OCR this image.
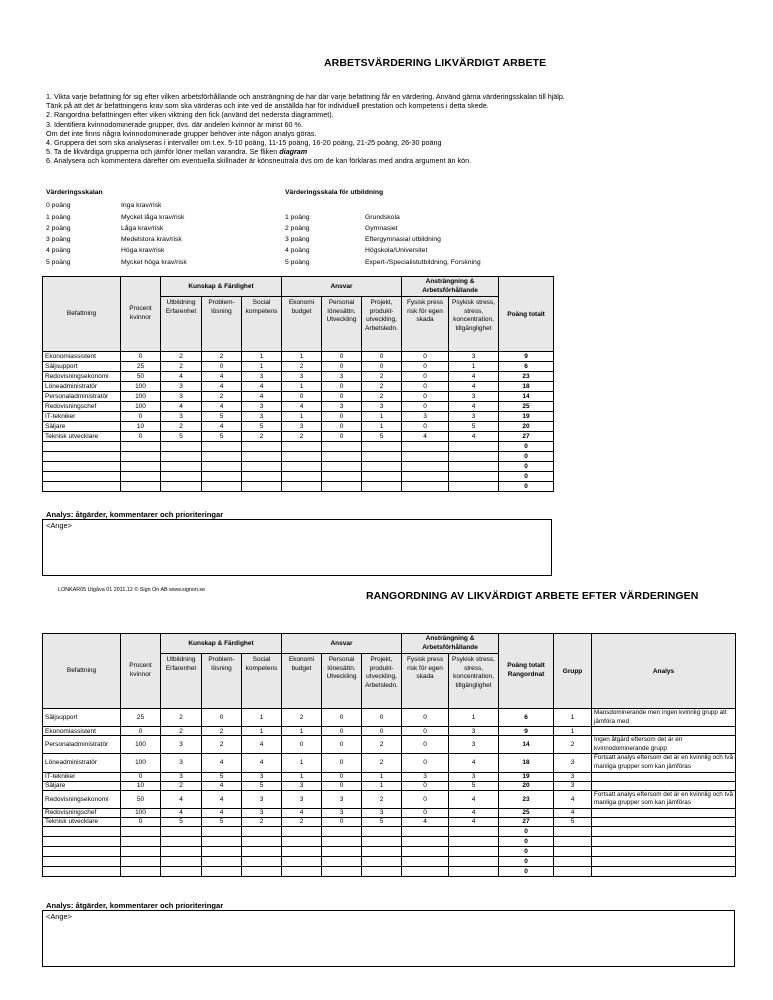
ARBETSVÄRDERING LIKVÄRDIGT ARBETE
1. Vikta varje befattning för sig efter vilken arbetsförhållande och ansträngning de har där varje befattning får en värdering. Använd gärna värderingsskalan till hjälp.
Tänk på att det är befattningens krav som ska värderas och inte ved de anställda har för individuell prestation och kompetens i detta skede.
2. Rangordna befattningen efter viken viktning den fick (använd det nedersta diagrammet).
3. Identifiera kvinnodominerade grupper, dvs. där andelen kvinnor är minst 60 %.
Om det inte finns några kvinnodominerade grupper behöver inte någon analys göras.
4. Gruppera det som ska analyseras i intervaller om t.ex. 5-10 poäng, 11-15 poäng, 16-20 poäng, 21-25 poäng, 26-30 poäng
5. Ta de likvärdiga grupperna och jämför löner mellan varandra. Se fliken diagram
6. Analysera och kommentera därefter om eventuella skillnader är könsneutrala dvs om de kan förklaras med andra argument än kön.
Värderingsskalan
0 poäng	Inga krav/risk
1 poäng	Mycket låga krav/risk
2 poäng	Låga krav/risk
3 poäng	Medelstora krav/risk
4 poäng	Höga krav/risk
5 poäng	Mycket höga krav/risk
Värderingsskala för utbildning
1 poäng	Grundskola
2 poäng	Gymnasiet
3 poäng	Eftergymnasial utbildning
4 poäng	Högskola/Universitet
5 poäng	Expert-/Specialistutbildning, Forskning
Befattning	Procent kvinnor	Kunskap & Färdighet			Ansvar			Ansträngning & Arbetsförhållande		Poäng totalt
		Utbildning Erfarenhet	Problem-lösning	Social kompetens	Ekonomi budget	Personal lönesättn. Utveckling	Projekt, produkt-utveckling, Arbetsledn.	Fysisk press risk för egen skada	Psykisk stress, stress, koncentration, tillgänglighet	

Ekonomiassistent	0	2	2	1	1	0	0	0	3	9
Säljsupport	25	2	0	1	2	0	0	0	1	6
Redovisningsekonomi	50	4	4	3	3	3	2	0	4	23
Löneadministratör	100	3	4	4	1	0	2	0	4	18
Personaladministratör	100	3	2	4	0	0	2	0	3	14
Redovisningschef	100	4	4	3	4	3	3	0	4	25
IT-tekniker	0	3	5	3	1	0	1	3	3	19
Säljare	10	2	4	5	3	0	1	0	5	20
Teknisk utvecklare	0	5	5	2	2	0	5	4	4	27
										0
										0
										0
										0
										0
Analys: åtgärder, kommentarer och prioriteringar
<Ange>
LONKAR05 Utgåva 01 2011.12 © Sign On AB www.signon.se	RANGORDNING AV LIKVÄRDIGT ARBETE EFTER VÄRDERINGEN
Befattning	Procent kvinnor	Kunskap & Färdighet			Ansvar			Ansträngning & Arbetsförhållande		Poäng totalt Rangordnat	Grupp	Analys
		Utbildning Erfarenhet	Problem-lösning	Social kompetens	Ekonomi budget	Personal lönesättn. Utveckling	Projekt, produkt-utveckling, Arbetsledn.	Fysisk press risk för egen skada	Psykisk stress, stress, koncentration, tillgänglighet			
Säljsupport	25	2	0	1	2	0	0	0	1	6	1	Mansdominerande men ingen kvinnlig grupp att jämföra med
Ekonomiassistent	0	2	2	1	1	0	0	0	3	9	1	
Personaladministratör	100	3	2	4	0	0	2	0	3	14	2	Ingen åtgärd eftersom det är en kvinnodominerande grupp
Löneadministratör	100	3	4	4	1	0	2	0	4	18	3	Fortsatt analys eftersom det är en kvinnlig och två manliga grupper som kan jämföras
IT-tekniker	0	3	5	3	1	0	1	3	3	19	3	
Säljare	10	2	4	5	3	0	1	0	5	20	3	
Redovisningsekonomi	50	4	4	3	3	3	2	0	4	23	4	Fortsatt analys eftersom det är en kvinnlig och två manliga grupper som kan jämföras
Redovisningschef	100	4	4	3	4	3	3	0	4	25	4	
Teknisk utvecklare	0	5	5	2	2	0	5	4	4	27	5	
										0		
										0		
										0		
										0		
										0		
Analys: åtgärder, kommentarer och prioriteringar
<Ange>
